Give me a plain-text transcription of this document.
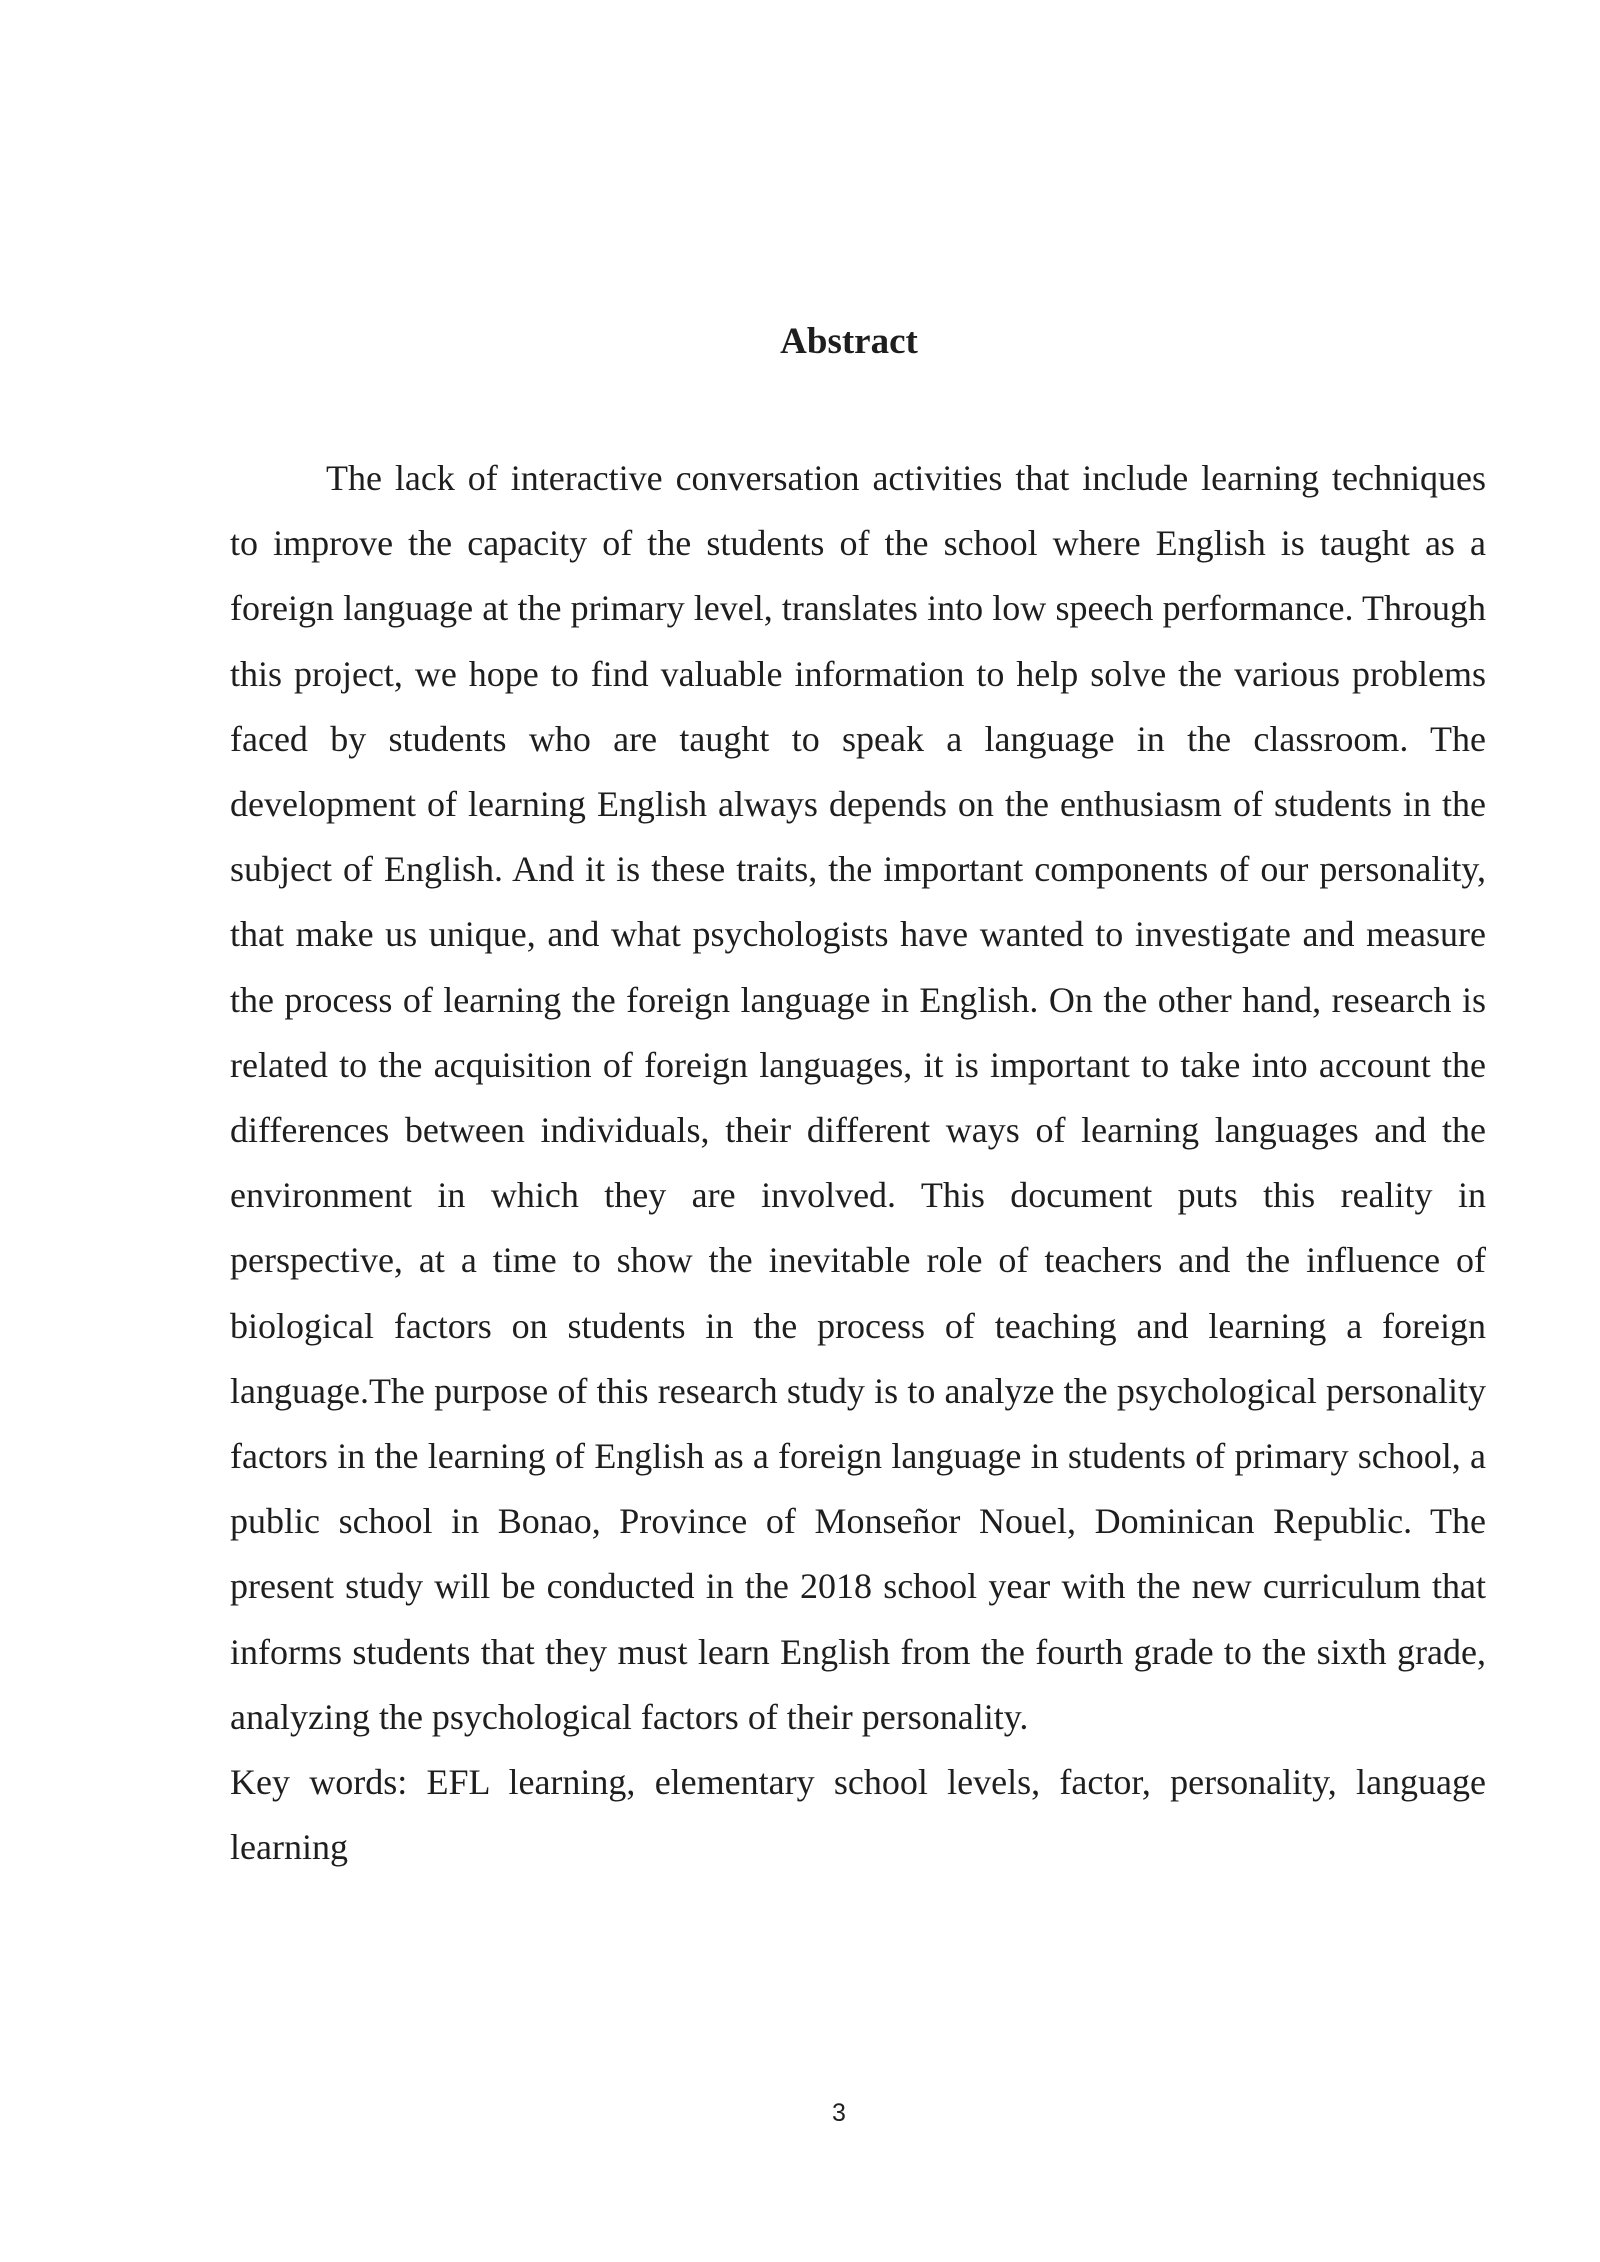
Abstract

The lack of interactive conversation activities that include learning techniques to improve the capacity of the students of the school where English is taught as a foreign language at the primary level, translates into low speech performance. Through this project, we hope to find valuable information to help solve the various problems faced by students who are taught to speak a language in the classroom. The development of learning English always depends on the enthusiasm of students in the subject of English. And it is these traits, the important components of our personality, that make us unique, and what psychologists have wanted to investigate and measure the process of learning the foreign language in English. On the other hand, research is related to the acquisition of foreign languages, it is important to take into account the differences between individuals, their different ways of learning languages and the environment in which they are involved. This document puts this reality in perspective, at a time to show the inevitable role of teachers and the influence of biological factors on students in the process of teaching and learning a foreign language.The purpose of this research study is to analyze the psychological personality factors in the learning of English as a foreign language in students of primary school, a public school in Bonao, Province of Monseñor Nouel, Dominican Republic. The present study will be conducted in the 2018 school year with the new curriculum that informs students that they must learn English from the fourth grade to the sixth grade, analyzing the psychological factors of their personality.

Key words: EFL learning, elementary school levels, factor, personality, language learning

3
